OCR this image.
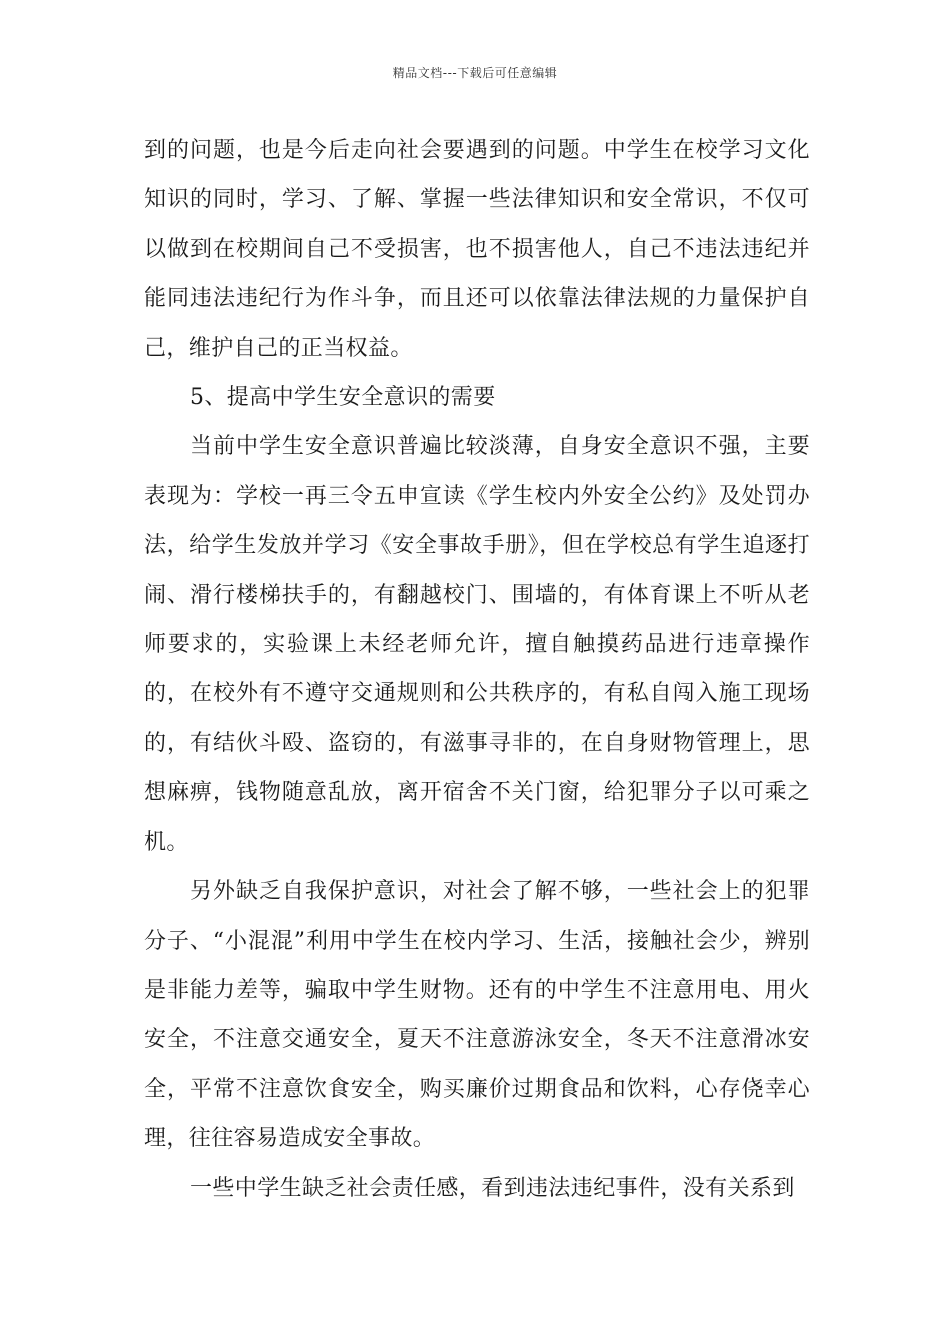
精品文档---下载后可任意编辑

到的问题，也是今后走向社会要遇到的问题。中学生在校学习文化知识的同时，学习、了解、掌握一些法律知识和安全常识，不仅可以做到在校期间自己不受损害，也不损害他人，自己不违法违纪并能同违法违纪行为作斗争，而且还可以依靠法律法规的力量保护自己，维护自己的正当权益。

5、提高中学生安全意识的需要

当前中学生安全意识普遍比较淡薄，自身安全意识不强，主要表现为：学校一再三令五申宣读《学生校内外安全公约》及处罚办法，给学生发放并学习《安全事故手册》，但在学校总有学生追逐打闹、滑行楼梯扶手的，有翻越校门、围墙的，有体育课上不听从老师要求的，实验课上未经老师允许，擅自触摸药品进行违章操作的，在校外有不遵守交通规则和公共秩序的，有私自闯入施工现场的，有结伙斗殴、盗窃的，有滋事寻非的，在自身财物管理上，思想麻痹，钱物随意乱放，离开宿舍不关门窗，给犯罪分子以可乘之机。

另外缺乏自我保护意识，对社会了解不够，一些社会上的犯罪分子、“小混混”利用中学生在校内学习、生活，接触社会少，辨别是非能力差等，骗取中学生财物。还有的中学生不注意用电、用火安全，不注意交通安全，夏天不注意游泳安全，冬天不注意滑冰安全，平常不注意饮食安全，购买廉价过期食品和饮料，心存侥幸心理，往往容易造成安全事故。

一些中学生缺乏社会责任感，看到违法违纪事件，没有关系到
